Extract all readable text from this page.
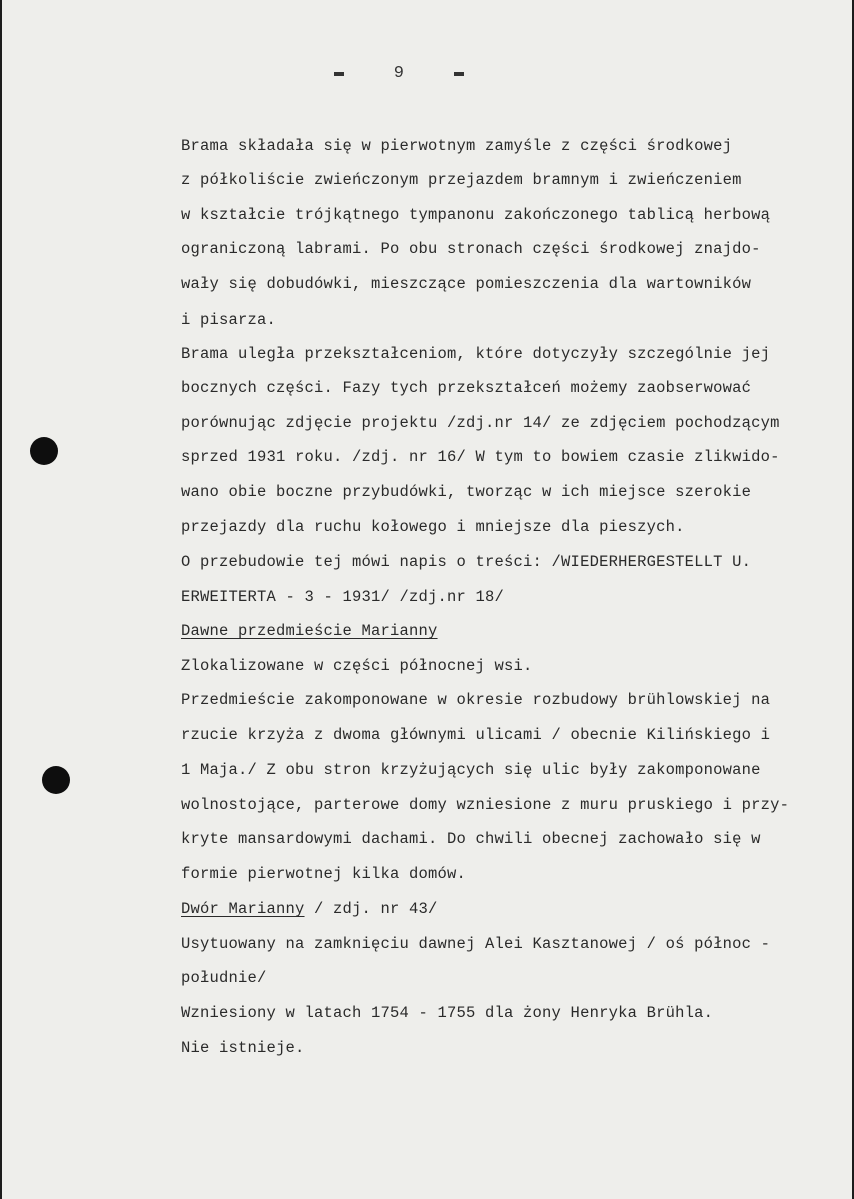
9
Brama składała się w pierwotnym zamyśle z części środkowej
z półkoliście zwieńczonym przejazdem bramnym i zwieńczeniem
w kształcie trójkątnego tympanonu zakończonego tablicą herbową
ograniczoną labrami. Po obu stronach części środkowej znajdo-
wały się dobudówki, mieszczące pomieszczenia dla wartowników
i pisarza.
Brama uległa przekształceniom, które dotyczyły szczególnie jej
bocznych części. Fazy tych przekształceń możemy zaobserwować
porównując zdjęcie projektu /zdj.nr 14/ ze zdjęciem pochodzącym
sprzed 1931 roku. /zdj. nr 16/ W tym to bowiem czasie zlikwido-
wano obie boczne przybudówki, tworząc w ich miejsce szerokie
przejazdy dla ruchu kołowego i mniejsze dla pieszych.
O przebudowie tej mówi napis o treści: /WIEDERHERGESTELLT U.
ERWEITERTA - 3 - 1931/ /zdj.nr 18/
Dawne przedmieście Marianny
Zlokalizowane w części północnej wsi.
Przedmieście zakomponowane w okresie rozbudowy brühlowskiej na
rzucie krzyża z dwoma głównymi ulicami / obecnie Kilińskiego i
1 Maja./ Z obu stron krzyżujących się ulic były zakomponowane
wolnostojące, parterowe domy wzniesione z muru pruskiego i przy-
kryte mansardowymi dachami. Do chwili obecnej zachowało się w
formie pierwotnej kilka domów.
Dwór Marianny / zdj. nr 43/
Usytuowany na zamknięciu dawnej Alei Kasztanowej / oś północ -
południe/
Wzniesiony w latach 1754 - 1755 dla żony Henryka Brühla.
Nie istnieje.
